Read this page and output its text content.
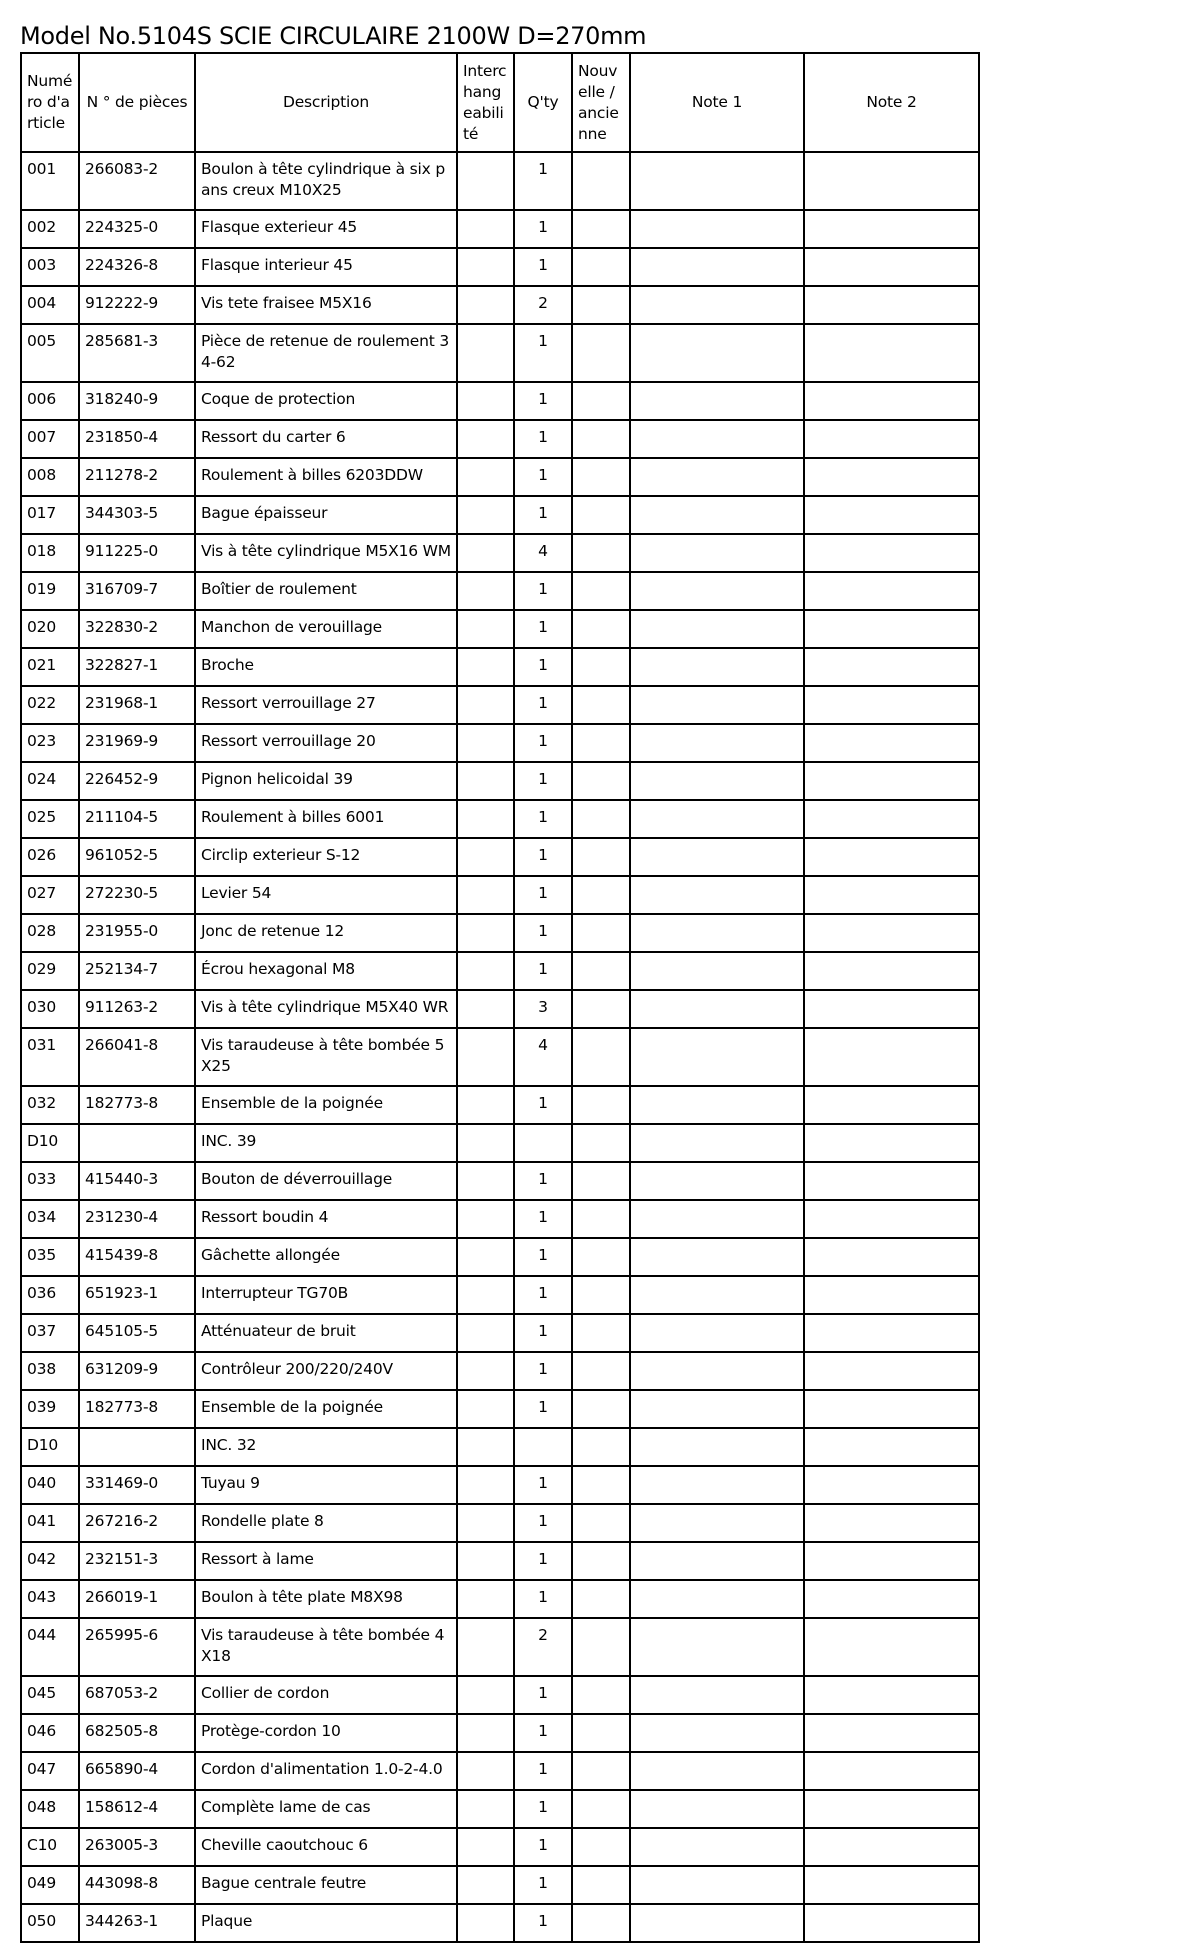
Model No.5104S SCIE CIRCULAIRE 2100W D=270mm
Numéro d'article	N ° de pièces	Description	Interchangeabilité	Q'ty	Nouvelle / ancienne	Note 1	Note 2
001	266083-2	Boulon à tête cylindrique à six pans creux M10X25		1			
002	224325-0	Flasque exterieur 45		1			
003	224326-8	Flasque interieur 45		1			
004	912222-9	Vis tete fraisee M5X16		2			
005	285681-3	Pièce de retenue de roulement 34-62		1			
006	318240-9	Coque de protection		1			
007	231850-4	Ressort du carter 6		1			
008	211278-2	Roulement à billes 6203DDW		1			
017	344303-5	Bague épaisseur		1			
018	911225-0	Vis à tête cylindrique M5X16 WM		4			
019	316709-7	Boîtier de roulement		1			
020	322830-2	Manchon de verouillage		1			
021	322827-1	Broche		1			
022	231968-1	Ressort verrouillage 27		1			
023	231969-9	Ressort verrouillage 20		1			
024	226452-9	Pignon helicoidal 39		1			
025	211104-5	Roulement à billes 6001		1			
026	961052-5	Circlip exterieur S-12		1			
027	272230-5	Levier 54		1			
028	231955-0	Jonc de retenue 12		1			
029	252134-7	Écrou hexagonal M8		1			
030	911263-2	Vis à tête cylindrique M5X40 WR		3			
031	266041-8	Vis taraudeuse à tête bombée 5X25		4			
032	182773-8	Ensemble de la poignée		1			
D10		INC. 39					
033	415440-3	Bouton de déverrouillage		1			
034	231230-4	Ressort boudin 4		1			
035	415439-8	Gâchette allongée		1			
036	651923-1	Interrupteur TG70B		1			
037	645105-5	Atténuateur de bruit		1			
038	631209-9	Contrôleur 200/220/240V		1			
039	182773-8	Ensemble de la poignée		1			
D10		INC. 32					
040	331469-0	Tuyau 9		1			
041	267216-2	Rondelle plate 8		1			
042	232151-3	Ressort à lame		1			
043	266019-1	Boulon à tête plate M8X98		1			
044	265995-6	Vis taraudeuse à tête bombée 4X18		2			
045	687053-2	Collier de cordon		1			
046	682505-8	Protège-cordon 10		1			
047	665890-4	Cordon d'alimentation 1.0-2-4.0		1			
048	158612-4	Complète lame de cas		1			
C10	263005-3	Cheville caoutchouc 6		1			
049	443098-8	Bague centrale feutre		1			
050	344263-1	Plaque		1			
